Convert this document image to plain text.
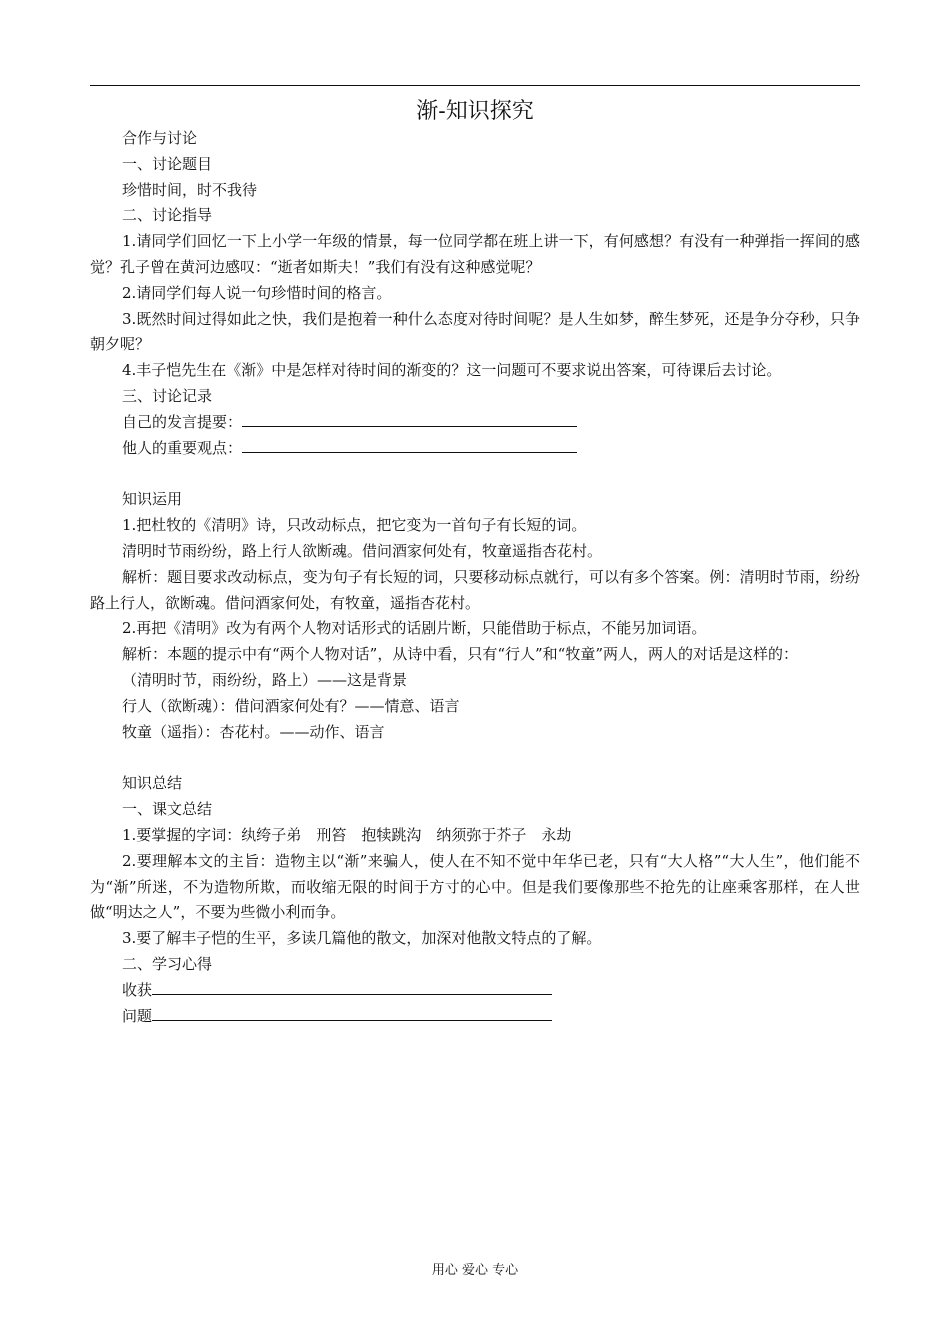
渐-知识探究

合作与讨论

一、讨论题目

珍惜时间，时不我待

二、讨论指导

1.请同学们回忆一下上小学一年级的情景，每一位同学都在班上讲一下，有何感想？有没有一种弹指一挥间的感觉？孔子曾在黄河边感叹：“逝者如斯夫！”我们有没有这种感觉呢？

2.请同学们每人说一句珍惜时间的格言。

3.既然时间过得如此之快，我们是抱着一种什么态度对待时间呢？是人生如梦，醉生梦死，还是争分夺秒，只争朝夕呢？

4.丰子恺先生在《渐》中是怎样对待时间的渐变的？这一问题可不要求说出答案，可待课后去讨论。

三、讨论记录

自己的发言提要：

他人的重要观点：

知识运用

1.把杜牧的《清明》诗，只改动标点，把它变为一首句子有长短的词。

清明时节雨纷纷，路上行人欲断魂。借问酒家何处有，牧童遥指杏花村。

解析：题目要求改动标点，变为句子有长短的词，只要移动标点就行，可以有多个答案。例：清明时节雨，纷纷路上行人，欲断魂。借问酒家何处，有牧童，遥指杏花村。

2.再把《清明》改为有两个人物对话形式的话剧片断，只能借助于标点，不能另加词语。

解析：本题的提示中有“两个人物对话”，从诗中看，只有“行人”和“牧童”两人，两人的对话是这样的：

（清明时节，雨纷纷，路上）——这是背景

行人（欲断魂）：借问酒家何处有？——情意、语言

牧童（遥指）：杏花村。——动作、语言

知识总结

一、课文总结

1.要掌握的字词：纨绔子弟　刑笞　抱犊跳沟　纳须弥于芥子　永劫

2.要理解本文的主旨：造物主以“渐”来骗人，使人在不知不觉中年华已老，只有“大人格”“大人生”，他们能不为“渐”所迷，不为造物所欺，而收缩无限的时间于方寸的心中。但是我们要像那些不抢先的让座乘客那样，在人世做“明达之人”，不要为些微小利而争。

3.要了解丰子恺的生平，多读几篇他的散文，加深对他散文特点的了解。

二、学习心得

收获

问题

用心 爱心 专心
